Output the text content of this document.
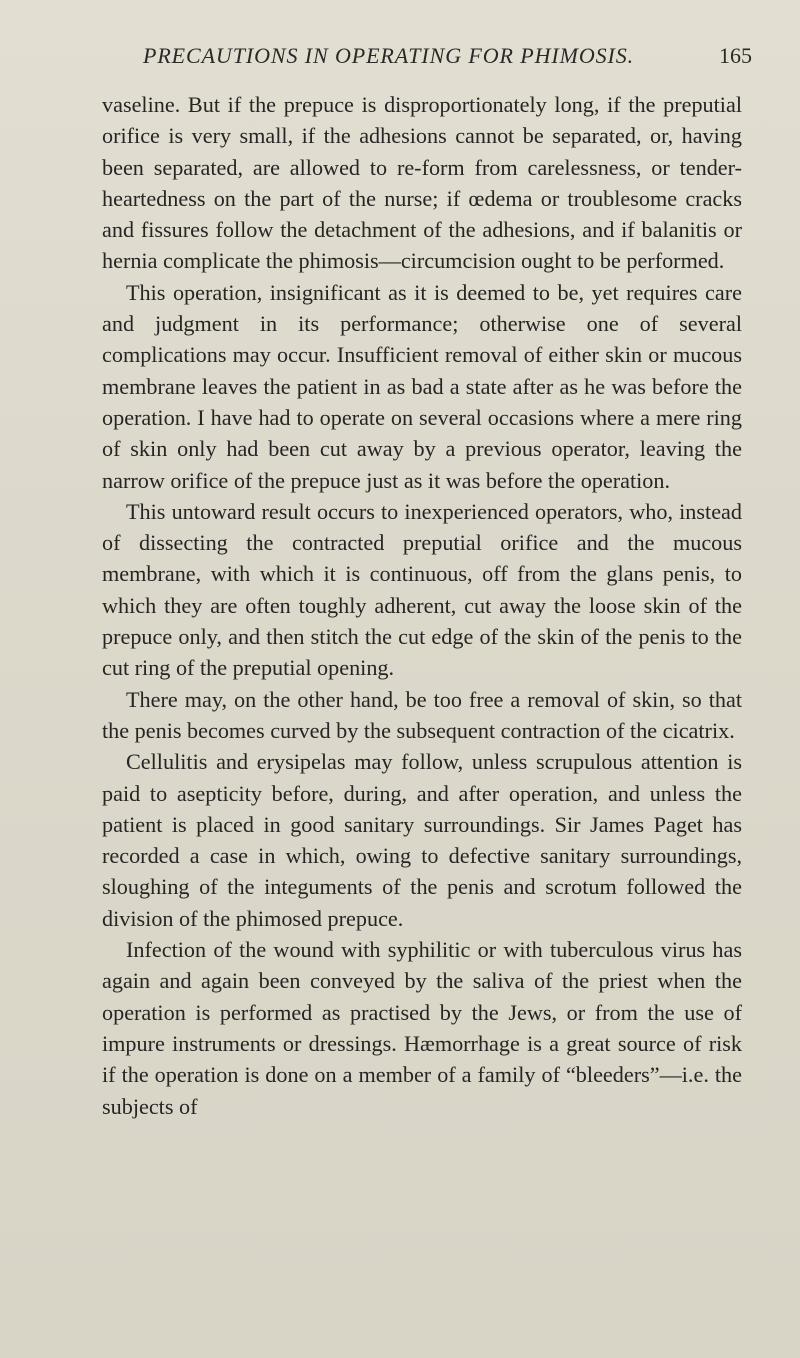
PRECAUTIONS IN OPERATING FOR PHIMOSIS.	165

vaseline. But if the prepuce is disproportionately long, if the preputial orifice is very small, if the adhesions cannot be separated, or, having been separated, are allowed to re-form from carelessness, or tender-heartedness on the part of the nurse; if œdema or troublesome cracks and fissures follow the detachment of the adhesions, and if balanitis or hernia complicate the phimosis—circumcision ought to be performed.

This operation, insignificant as it is deemed to be, yet requires care and judgment in its performance; otherwise one of several complications may occur. Insufficient removal of either skin or mucous membrane leaves the patient in as bad a state after as he was before the operation. I have had to operate on several occasions where a mere ring of skin only had been cut away by a previous operator, leaving the narrow orifice of the prepuce just as it was before the operation.

This untoward result occurs to inexperienced operators, who, instead of dissecting the contracted preputial orifice and the mucous membrane, with which it is continuous, off from the glans penis, to which they are often toughly adherent, cut away the loose skin of the prepuce only, and then stitch the cut edge of the skin of the penis to the cut ring of the preputial opening.

There may, on the other hand, be too free a removal of skin, so that the penis becomes curved by the subsequent contraction of the cicatrix.

Cellulitis and erysipelas may follow, unless scrupulous attention is paid to asepticity before, during, and after operation, and unless the patient is placed in good sanitary surroundings. Sir James Paget has recorded a case in which, owing to defective sanitary surroundings, sloughing of the integuments of the penis and scrotum followed the division of the phimosed prepuce.

Infection of the wound with syphilitic or with tuberculous virus has again and again been conveyed by the saliva of the priest when the operation is performed as practised by the Jews, or from the use of impure instruments or dressings. Hæmorrhage is a great source of risk if the operation is done on a member of a family of “bleeders”—i.e. the subjects of
